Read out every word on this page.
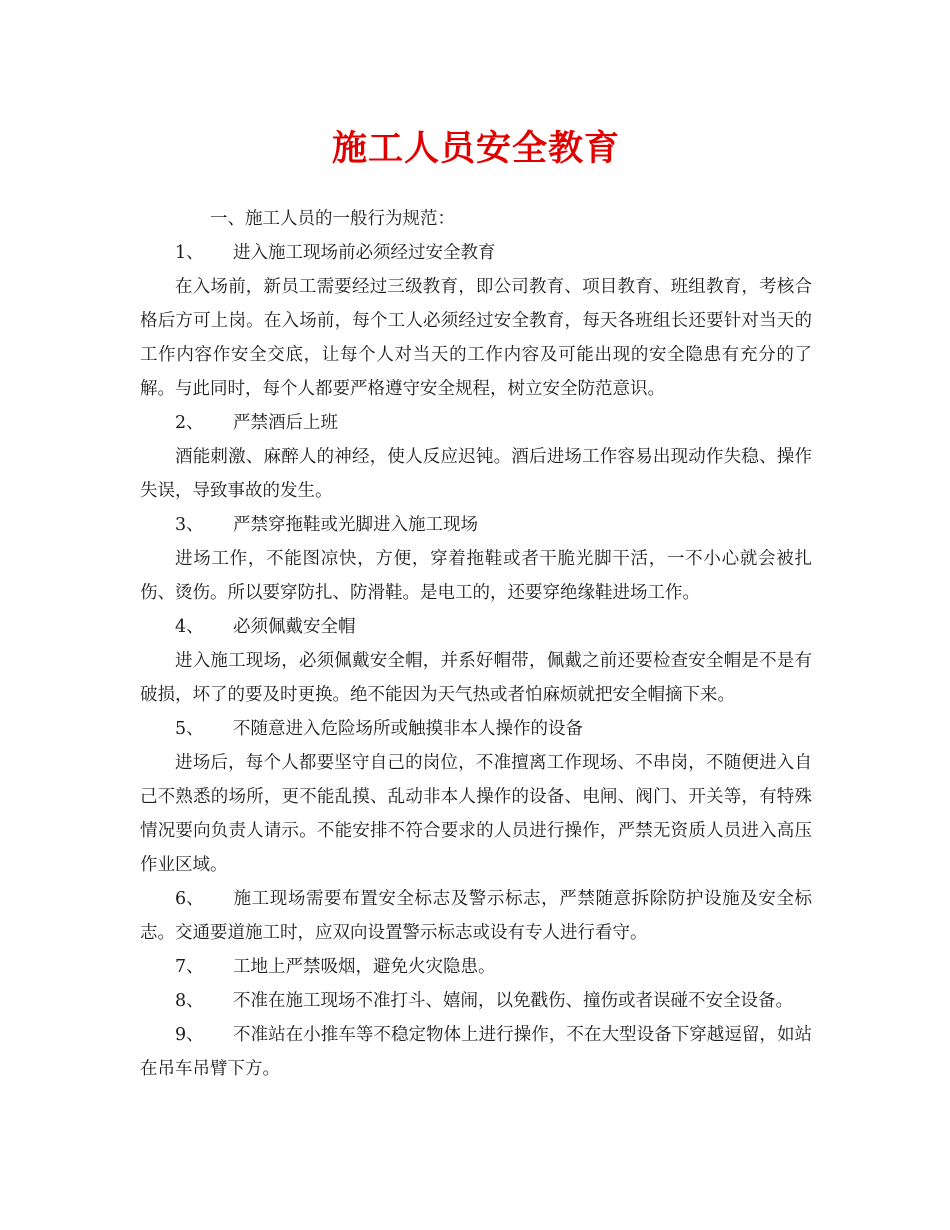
施工人员安全教育

一、施工人员的一般行为规范：

1、 进入施工现场前必须经过安全教育

在入场前，新员工需要经过三级教育，即公司教育、项目教育、班组教育，考核合格后方可上岗。在入场前，每个工人必须经过安全教育，每天各班组长还要针对当天的工作内容作安全交底，让每个人对当天的工作内容及可能出现的安全隐患有充分的了解。与此同时，每个人都要严格遵守安全规程，树立安全防范意识。

2、 严禁酒后上班

酒能刺激、麻醉人的神经，使人反应迟钝。酒后进场工作容易出现动作失稳、操作失误，导致事故的发生。

3、 严禁穿拖鞋或光脚进入施工现场

进场工作，不能图凉快，方便，穿着拖鞋或者干脆光脚干活，一不小心就会被扎伤、烫伤。所以要穿防扎、防滑鞋。是电工的，还要穿绝缘鞋进场工作。

4、 必须佩戴安全帽

进入施工现场，必须佩戴安全帽，并系好帽带，佩戴之前还要检查安全帽是不是有破损，坏了的要及时更换。绝不能因为天气热或者怕麻烦就把安全帽摘下来。

5、 不随意进入危险场所或触摸非本人操作的设备

进场后，每个人都要坚守自己的岗位，不准擅离工作现场、不串岗，不随便进入自己不熟悉的场所，更不能乱摸、乱动非本人操作的设备、电闸、阀门、开关等，有特殊情况要向负责人请示。不能安排不符合要求的人员进行操作，严禁无资质人员进入高压作业区域。

6、 施工现场需要布置安全标志及警示标志，严禁随意拆除防护设施及安全标志。交通要道施工时，应双向设置警示标志或设有专人进行看守。

7、 工地上严禁吸烟，避免火灾隐患。

8、 不准在施工现场不准打斗、嬉闹，以免戳伤、撞伤或者误碰不安全设备。

9、 不准站在小推车等不稳定物体上进行操作，不在大型设备下穿越逗留，如站在吊车吊臂下方。
